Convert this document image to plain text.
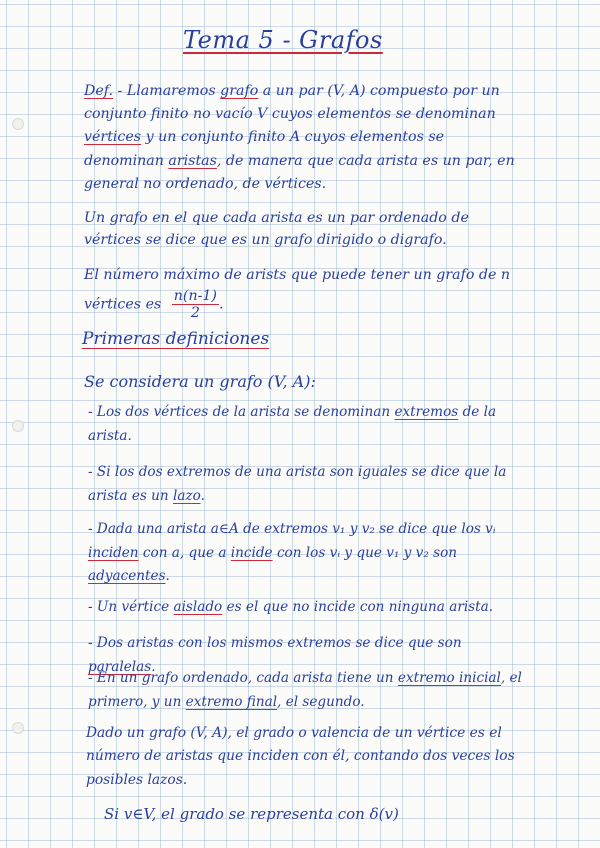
Tema 5 - Grafos
Def. - Llamaremos grafo a un par (V, A) compuesto por un conjunto finito no vacío V cuyos elementos se denominan vértices y un conjunto finito A cuyos elementos se denominan aristas, de manera que cada arista es un par, en general no ordenado, de vértices.
Un grafo en el que cada arista es un par ordenado de vértices se dice que es un grafo dirigido o digrafo.
El número máximo de arists que puede tener un grafo de n vértices es $\frac{n(n-1)}{2}$ .
Primeras definiciones
Se considera un grafo (V, A):
- Los dos vértices de la arista se denominan extremos de la arista.
- Si los dos extremos de una arista son iguales se dice que la arista es un lazo.
- Dada una arista a∈A de extremos v₁ y v₂ se dice que los vᵢ inciden con a, que a incide con los vᵢ y que v₁ y v₂ son adyacentes.
- Un vértice aislado es el que no incide con ninguna arista.
- Dos aristas con los mismos extremos se dice que son paralelas.
- En un grafo ordenado, cada arista tiene un extremo inicial, el primero, y un extremo final, el segundo.
Dado un grafo (V, A), el grado o valencia de un vértice es el número de aristas que inciden con él, contando dos veces los posibles lazos.
Si v∈V, el grado se representa con δ(v)
